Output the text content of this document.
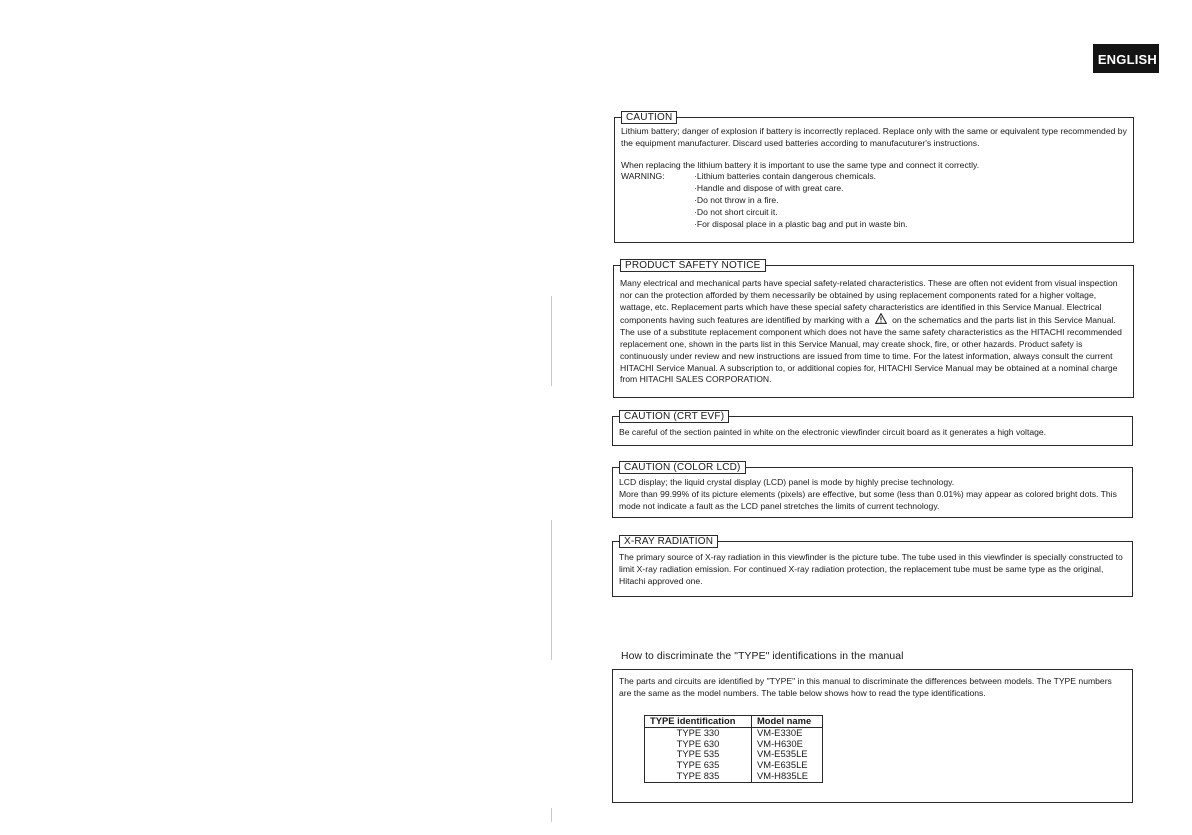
ENGLISH
CAUTION

Lithium battery; danger of explosion if battery is incorrectly replaced. Replace only with the same or equivalent type recommended by the equipment manufacturer. Discard used batteries according to manufacuturer's instructions.

When replacing the lithium battery it is important to use the same type and connect it correctly.

WARNING:	· Lithium batteries contain dangerous chemicals.
· Handle and dispose of with great care.
· Do not throw in a fire.
· Do not short circuit it.
· For disposal place in a plastic bag and put in waste bin.
PRODUCT SAFETY NOTICE

Many electrical and mechanical parts have special safety-related characteristics. These are often not evident from visual inspection nor can the protection afforded by them necessarily be obtained by using replacement components rated for a higher voltage, wattage, etc. Replacement parts which have these special safety characteristics are identified in this Service Manual. Electrical components having such features are identified by marking with a	on the schematics and the parts list in this Service Manual. The use of a substitute replacement component which does not have the same safety characteristics as the HITACHI recommended replacement one, shown in the parts list in this Service Manual, may create shock, fire, or other hazards. Product safety is continuously under review and new instructions are issued from time to time. For the latest information, always consult the current HITACHI Service Manual. A subscription to, or additional copies for, HITACHI Service Manual may be obtained at a nominal charge from HITACHI SALES CORPORATION.

CAUTION (CRT EVF)

Be careful of the section painted in white on the electronic viewfinder circuit board as it generates a high voltage.

CAUTION (COLOR LCD)

LCD display; the liquid crystal display (LCD) panel is mode by highly precise technology.

More than 99.99% of its picture elements (pixels) are effective, but some (less than 0.01%) may appear as colored bright dots. This mode not indicate a fault as the LCD panel stretches the limits of current technology.

X-RAY RADIATION

The primary source of X-ray radiation in this viewfinder is the picture tube. The tube used in this viewfinder is specially constructed to limit X-ray radiation emission. For continued X-ray radiation protection, the replacement tube must be same type as the original, Hitachi approved one.

How to discriminate the "TYPE" identifications in the manual

The parts and circuits are identified by "TYPE" in this manual to discriminate the differences between models. The TYPE numbers are the same as the model numbers. The table below shows how to read the type identifications.

TYPE identification	Model name
TYPE 330	VM-E330E
TYPE 630	VM-H630E
TYPE 535	VM-E535LE
TYPE 635	VM-E635LE
TYPE 835	VM-H835LE
